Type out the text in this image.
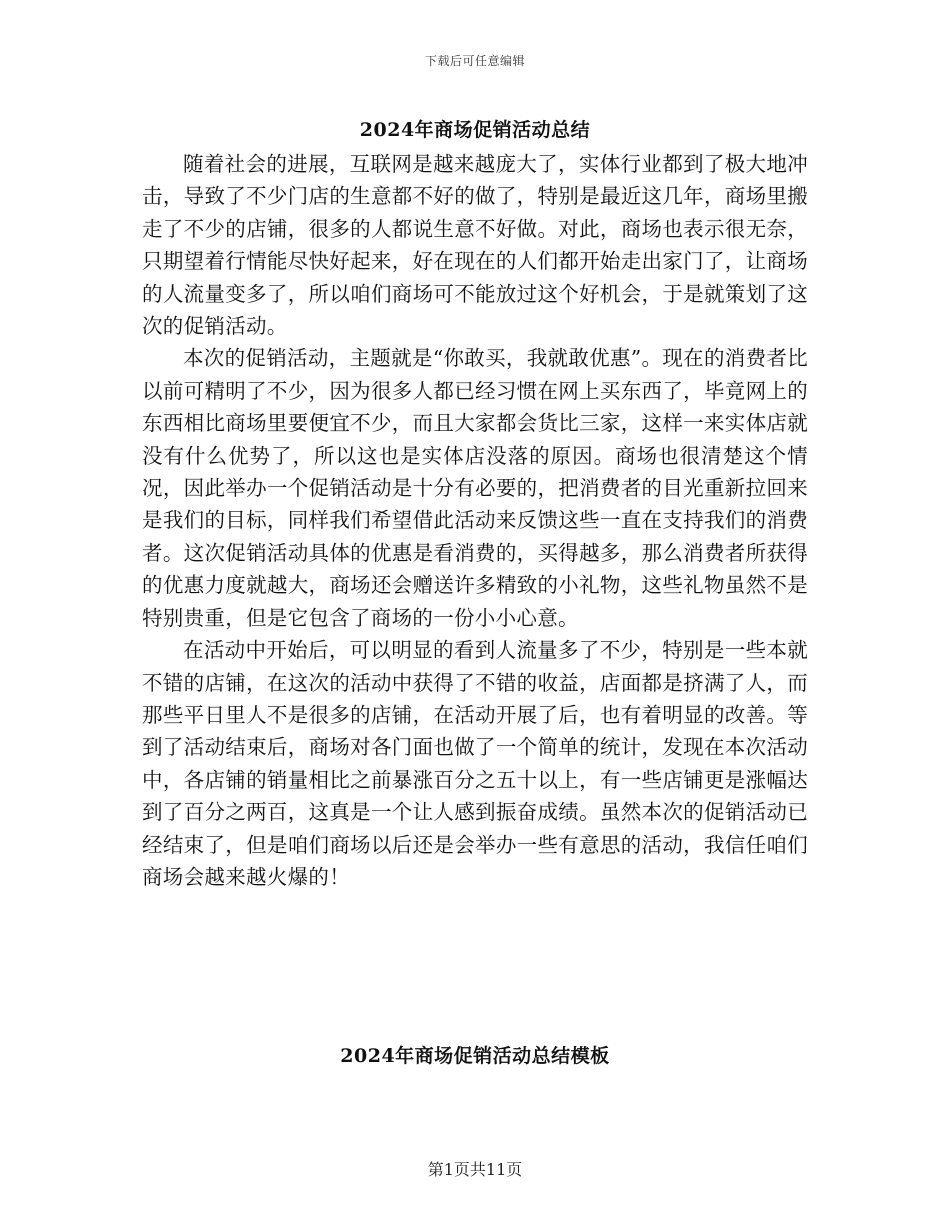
下载后可任意编辑
2024年商场促销活动总结

随着社会的进展，互联网是越来越庞大了，实体行业都到了极大地冲击，导致了不少门店的生意都不好的做了，特别是最近这几年，商场里搬走了不少的店铺，很多的人都说生意不好做。对此，商场也表示很无奈，只期望着行情能尽快好起来，好在现在的人们都开始走出家门了，让商场的人流量变多了，所以咱们商场可不能放过这个好机会，于是就策划了这次的促销活动。

本次的促销活动，主题就是“你敢买，我就敢优惠”。现在的消费者比以前可精明了不少，因为很多人都已经习惯在网上买东西了，毕竟网上的东西相比商场里要便宜不少，而且大家都会货比三家，这样一来实体店就没有什么优势了，所以这也是实体店没落的原因。商场也很清楚这个情况，因此举办一个促销活动是十分有必要的，把消费者的目光重新拉回来是我们的目标，同样我们希望借此活动来反馈这些一直在支持我们的消费者。这次促销活动具体的优惠是看消费的，买得越多，那么消费者所获得的优惠力度就越大，商场还会赠送许多精致的小礼物，这些礼物虽然不是特别贵重，但是它包含了商场的一份小小心意。

在活动中开始后，可以明显的看到人流量多了不少，特别是一些本就不错的店铺，在这次的活动中获得了不错的收益，店面都是挤满了人，而那些平日里人不是很多的店铺，在活动开展了后，也有着明显的改善。等到了活动结束后，商场对各门面也做了一个简单的统计，发现在本次活动中，各店铺的销量相比之前暴涨百分之五十以上，有一些店铺更是涨幅达到了百分之两百，这真是一个让人感到振奋成绩。虽然本次的促销活动已经结束了，但是咱们商场以后还是会举办一些有意思的活动，我信任咱们商场会越来越火爆的！

2024年商场促销活动总结模板
第1页共11页
